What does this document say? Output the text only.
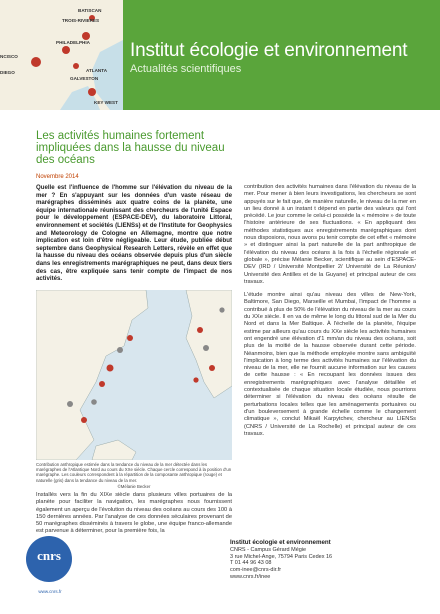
BATISCAN
TROIS-RIVIERES
PHILADELPHIA
NCISCO
DIEGO
GALVESTON
ATLANTA
KEY WEST
Institut écologie et environnement
Actualités scientifiques
Les activités humaines fortement impliquées dans la hausse du niveau des océans
Novembre 2014
Quelle est l'influence de l'homme sur l'élévation du niveau de la mer ? En s'appuyant sur les données d'un vaste réseau de marégraphes disséminés aux quatre coins de la planète, une équipe internationale réunissant des chercheurs de l'unité Espace pour le développement (ESPACE-DEV), du laboratoire Littoral, environnement et sociétés (LIENSs) et de l'Institute for Geophysics and Meteorology de Cologne en Allemagne, montre que notre implication est loin d'être négligeable. Leur étude, publiée début septembre dans Geophysical Research Letters, révèle en effet que la hausse du niveau des océans observée depuis plus d'un siècle dans les enregistrements marégraphiques ne peut, dans deux tiers des cas, être expliquée sans tenir compte de l'impact de nos activités.
Contribution anthropique estimée dans la tendance du niveau de la mer détectée dans les marégraphes de l'Atlantique Nord au cours du XXe siècle. Chaque cercle correspond à la position d'un marégraphe. Les couleurs correspondent à la répartition de la composante anthropique (rouge) et naturelle (gris) dans la tendance du niveau de la mer.
©Mélanie Becker

Installés vers la fin du XIXe siècle dans plusieurs villes portuaires de la planète pour faciliter la navigation, les marégraphes nous fournissent également un aperçu de l'évolution du niveau des océans au cours des 100 à 150 dernières années. Par l'analyse de ces données séculaires provenant de 50 marégraphes disséminés à travers le globe, une équipe franco-allemande est parvenue à déterminer, pour la première fois, la

contribution des activités humaines dans l'élévation du niveau de la mer. Pour mener à bien leurs investigations, les chercheurs se sont appuyés sur le fait que, de manière naturelle, le niveau de la mer en un lieu donné à un instant t dépend en partie des valeurs qui l'ont précédé. Le jour comme le celui-ci possède la « mémoire » de toute l'histoire antérieure de ses fluctuations. « En appliquant des méthodes statistiques aux enregistrements marégraphiques dont nous disposions, nous avons pu tenir compte de cet effet « mémoire » et distinguer ainsi la part naturelle de la part anthropique de l'élévation du niveau des océans à la fois à l'échelle régionale et globale », précise Mélanie Becker, scientifique au sein d'ESPACE-DEV (IRD / Université Montpellier 2/ Université de La Réunion/ Université des Antilles et de la Guyane) et principal auteur de ces travaux.

L'étude montre ainsi qu'au niveau des villes de New-York, Baltimore, San Diego, Marseille et Mumbai, l'impact de l'homme a contribué à plus de 50% de l'élévation du niveau de la mer au cours du XXe siècle. Il en va de même le long du littoral sud de la Mer du Nord et dans la Mer Baltique. À l'échelle de la planète, l'équipe estime par ailleurs qu'au cours du XXe siècle les activités humaines ont engendré une élévation d'1 mm/an du niveau des océans, soit plus de la moitié de la hausse observée durant cette période. Néanmoins, bien que la méthode employée montre sans ambiguïté l'implication à long terme des activités humaines sur l'élévation du niveau de la mer, elle ne fournit aucune information sur les causes de cette hausse : « En recoupant les données issues des enregistrements marégraphiques avec l'analyse détaillée et contextualisée de chaque situation locale étudiée, nous pourrions déterminer si l'élévation du niveau des océans résulte de perturbations locales telles que les aménagements portuaires ou d'un bouleversement à grande échelle comme le changement climatique », conclut Mikaël Karpytchev, chercheur au LIENSs (CNRS / Université de La Rochelle) et principal auteur de ces travaux.

cnrs
www.cnrs.fr
Institut écologie et environnement
CNRS - Campus Gérard Mégie
3 rue Michel-Ange, 75794 Paris Cedex 16
T 01 44 96 43 08
com-inee@cnrs-dir.fr
www.cnrs.fr/inee
